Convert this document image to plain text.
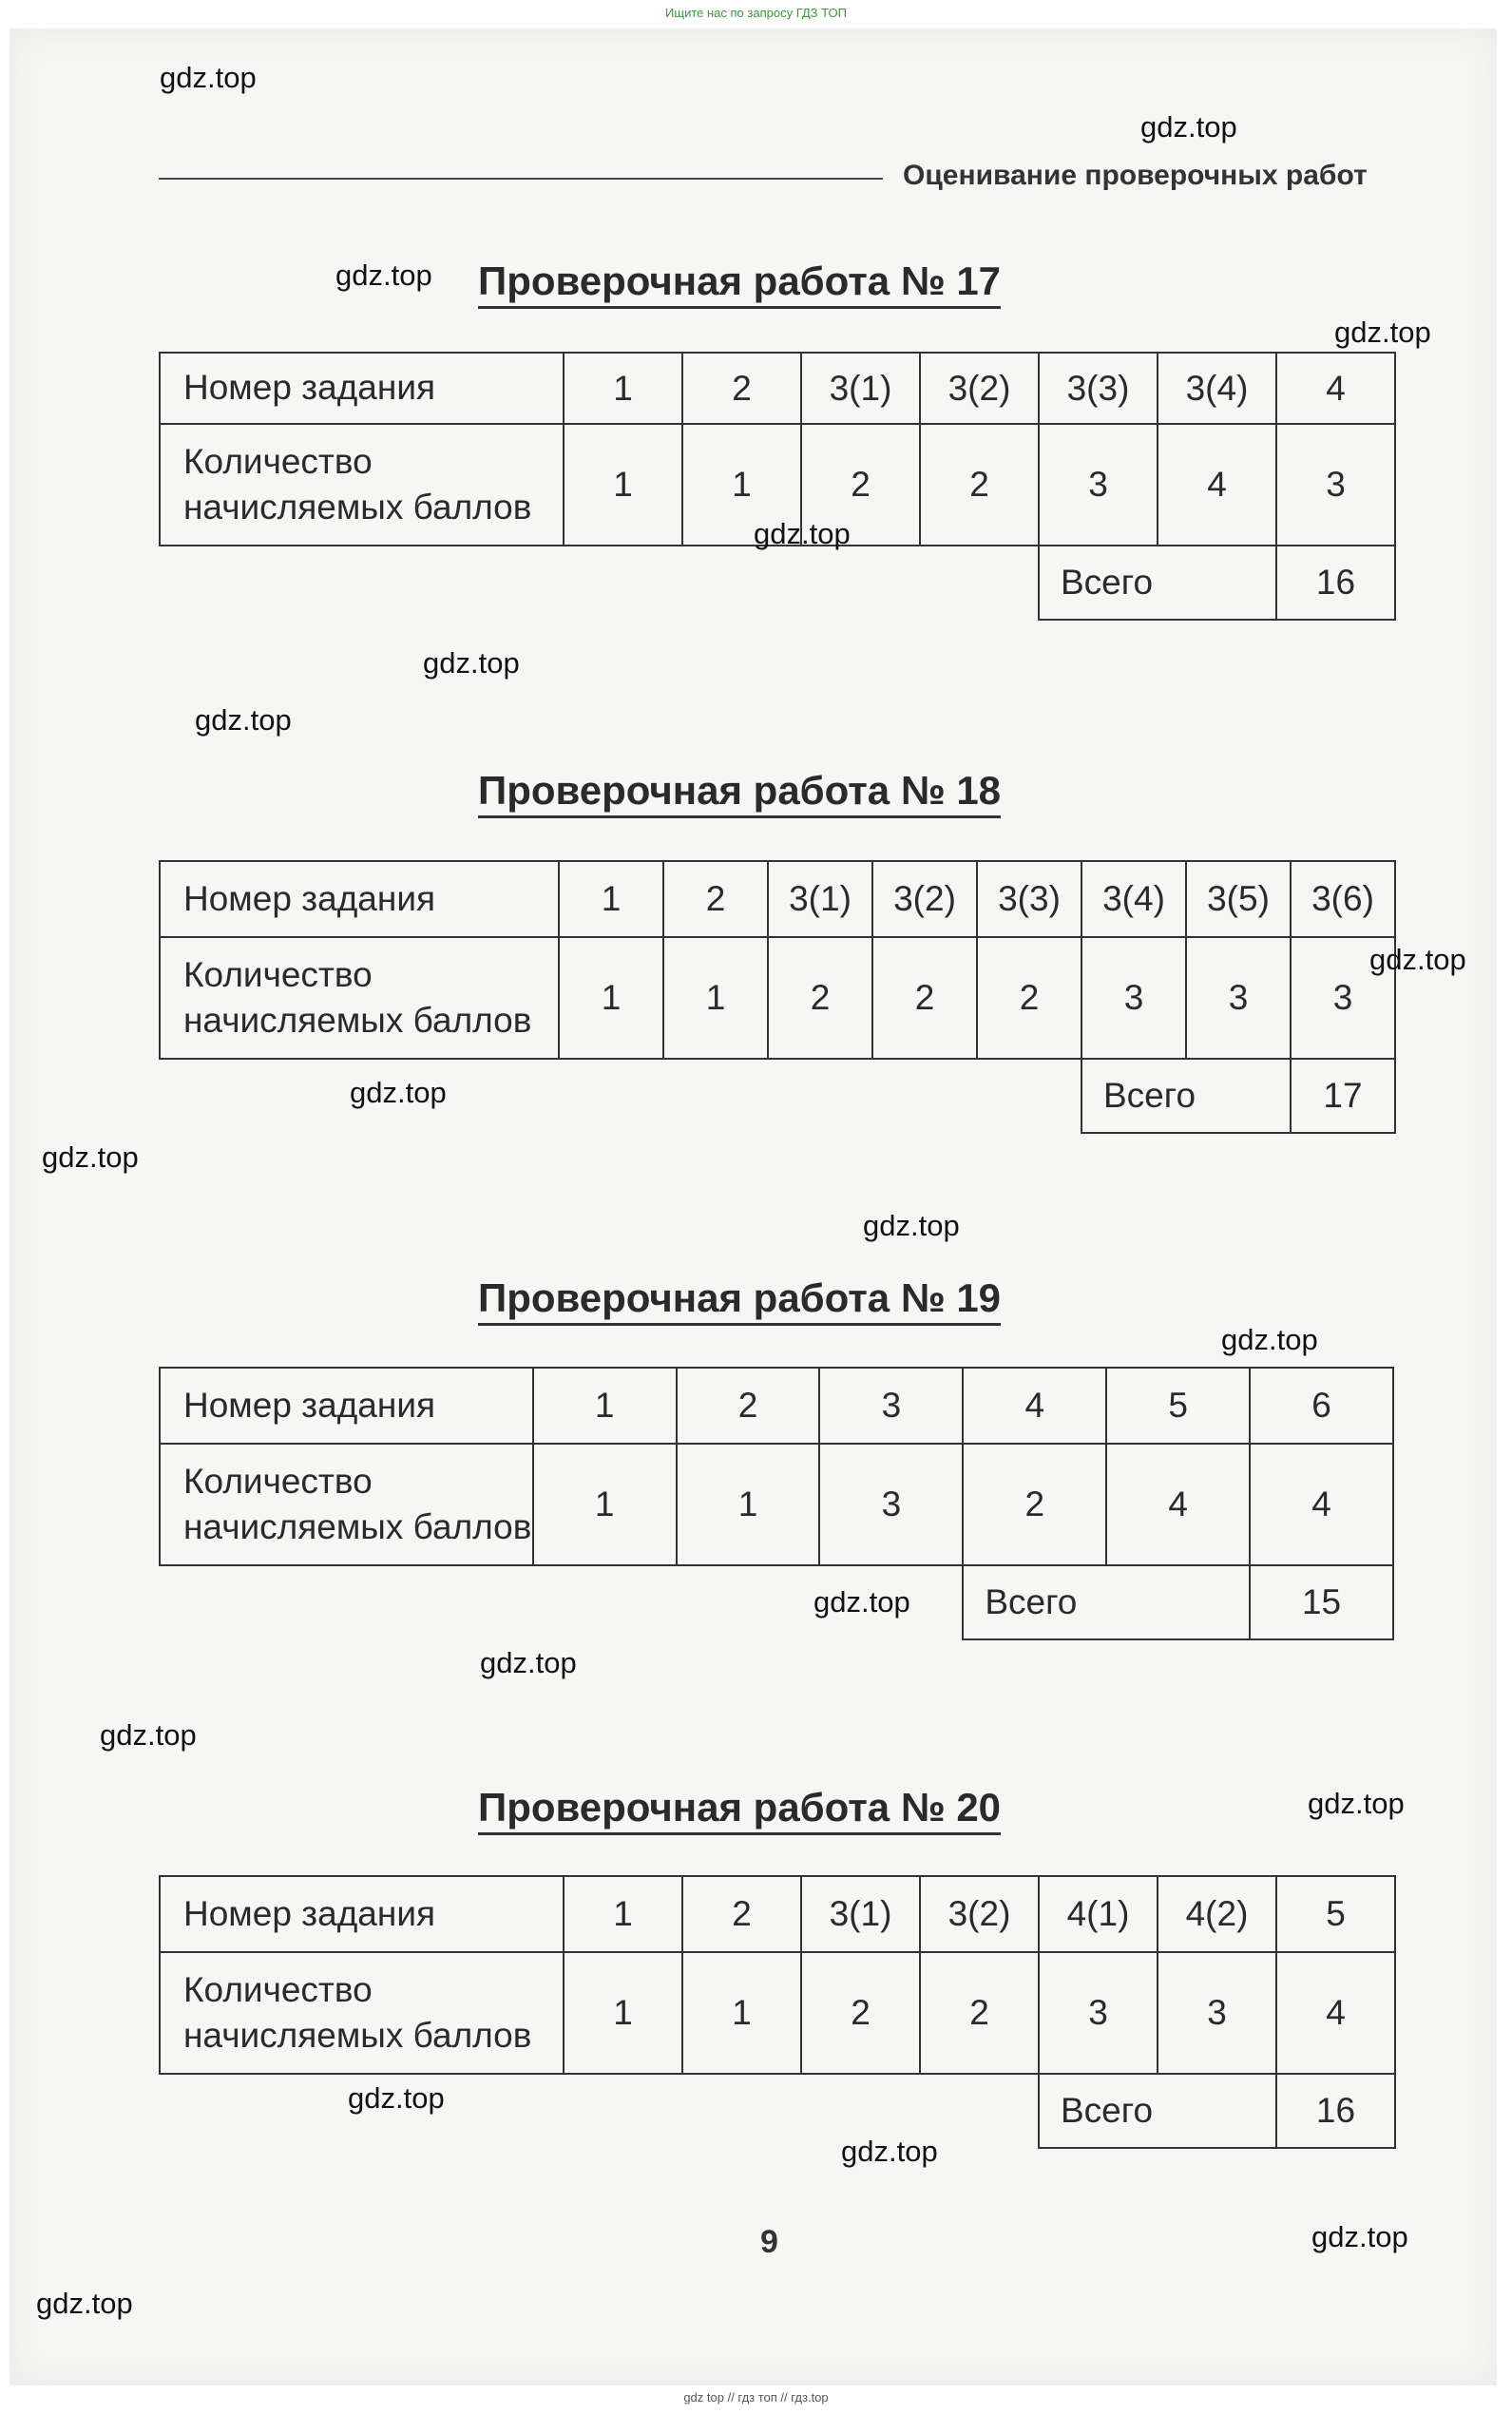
Ищите нас по запросу ГДЗ ТОП
Оценивание проверочных работ
Проверочная работа № 17
Номер задания	1	2	3(1)	3(2)	3(3)	3(4)	4
Количество
начисляемых баллов	1	1	2	2	3	4	3
					Всего		16
Проверочная работа № 18
Номер задания	1	2	3(1)	3(2)	3(3)	3(4)	3(5)	3(6)
Количество
начисляемых баллов	1	1	2	2	2	3	3	3
						Всего		17
Проверочная работа № 19
Номер задания	1	2	3	4	5	6
Количество
начисляемых баллов	1	1	3	2	4	4
				Всего		15
Проверочная работа № 20
Номер задания	1	2	3(1)	3(2)	4(1)	4(2)	5
Количество
начисляемых баллов	1	1	2	2	3	3	4
					Всего		16
9
gdz.top
gdz.top
gdz.top
gdz.top
gdz.top
gdz.top
gdz.top
gdz.top
gdz.top
gdz.top
gdz.top
gdz.top
gdz.top
gdz.top
gdz.top
gdz.top
gdz.top
gdz.top
gdz.top
gdz.top
gdz top // гдз топ // гдз.top
